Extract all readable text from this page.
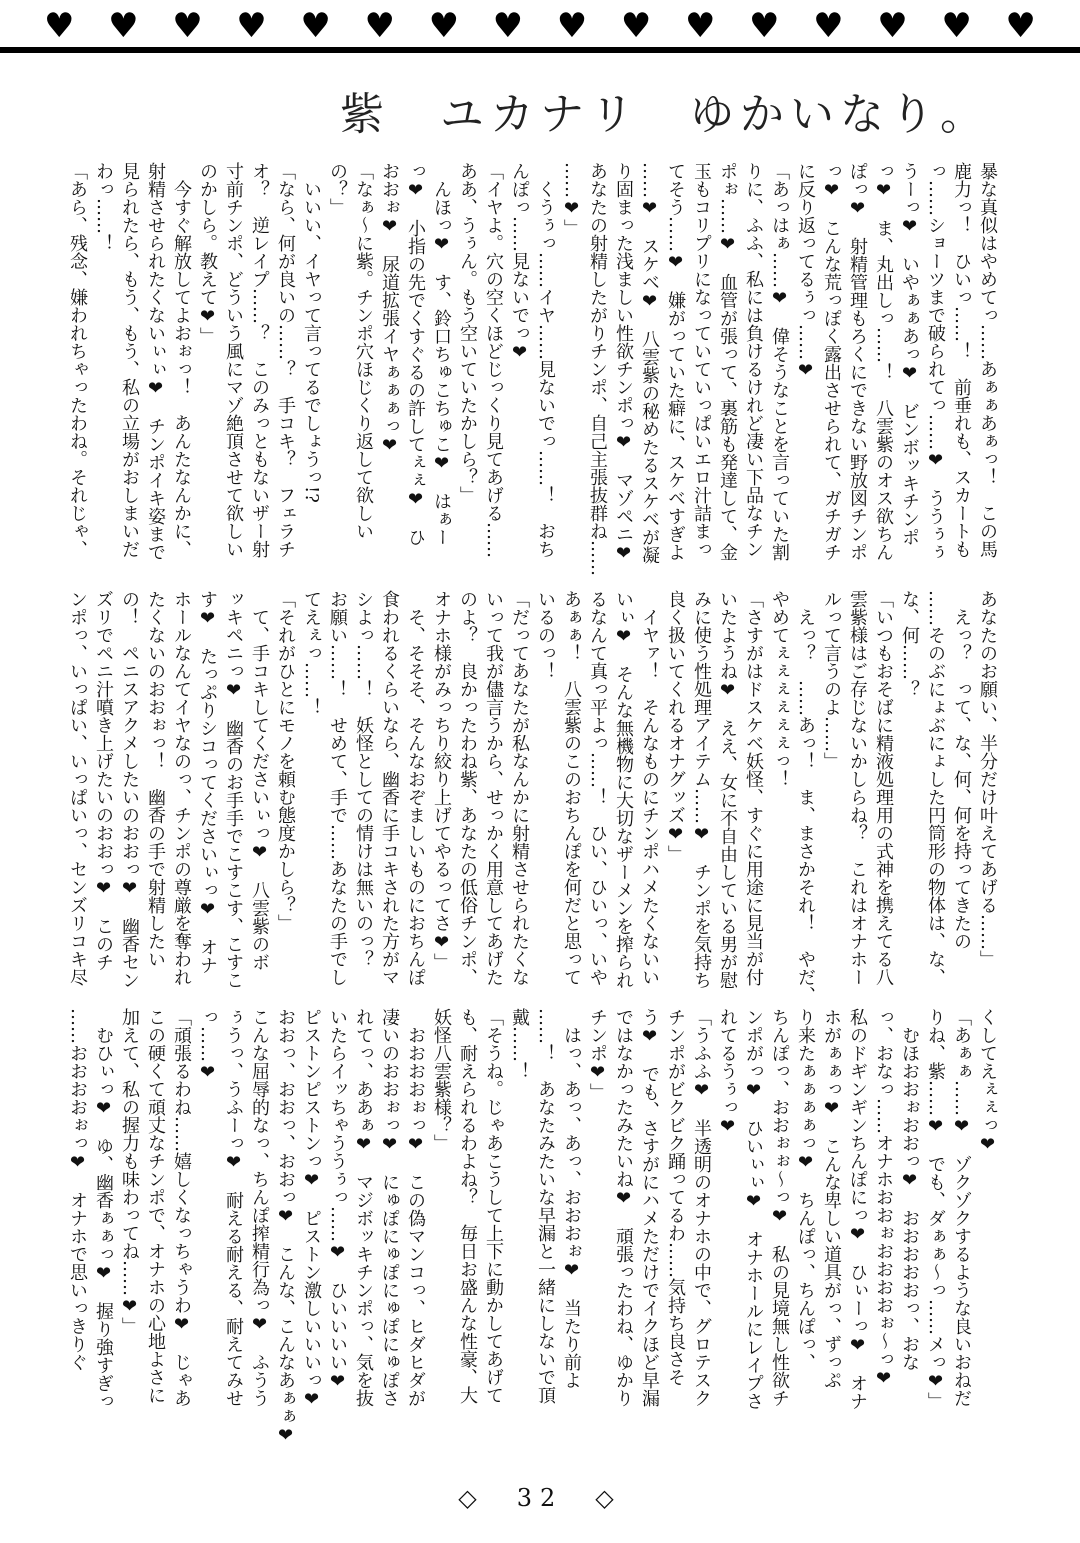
♥ ♥ ♥ ♥ ♥ ♥ ♥ ♥ ♥ ♥ ♥ ♥ ♥ ♥ ♥ ♥
紫　ユカナリ　ゆかいなり。
暴な真似はやめてっ……あぁぁあぁっ！　この馬
鹿力っ！　ひいっ……！　前垂れも、スカートも
っ……ショーツまで破られてっ……❤　ううぅぅ
うーっ❤　いやぁぁあっ❤　ビンボッキチンポ
っ❤　ま、丸出しっ……！　八雲紫のオス欲ちん
ぽっ❤　射精管理もろくにできない野放図チンポ
っ❤　こんな荒っぽく露出させられて、ガチガチ
に反り返ってるぅっ……❤
「あっはぁ……❤　偉そうなことを言っていた割
りに、ふふ、私には負けるけれど凄い下品なチン
ポぉ……❤　血管が張って、裏筋も発達して、金
玉もコリプリになっていていっぱいエロ汁詰まっ
てそう……❤　嫌がっていた癖に、スケベすぎよ
……❤　スケベ❤　八雲紫の秘めたるスケベが凝
り固まった浅ましい性欲チンポっ❤　マゾペニ❤
あなたの射精したがりチンポ、自己主張抜群ね……
……❤」
　くうぅっ……イヤ……見ないでっ……！　おち
んぽっ……見ないでっ❤
「イヤよ。穴の空くほどじっくり見てあげる……
ああ、うぅん。もう空いていたかしら？」
　んほっ❤　す、鈴口ちゅこちゅこ❤　はぁー
っ❤　小指の先でくすぐるの許してぇぇ❤　ひ
おおぉ❤　尿道拡張イヤぁぁぁっ❤
「なぁ～に紫。チンポ穴ほじくり返して欲しい
の？」
　いいい、イヤって言ってるでしょうっ!?
「なら、何が良いの……？　手コキ？　フェラチ
オ？　逆レイプ……？　このみっともないザー射
寸前チンポ、どういう風にマゾ絶頂させて欲しい
のかしら。教えて❤」
　今すぐ解放してよおぉっ！　あんたなんかに、
射精させられたくないぃぃ❤　チンポイキ姿まで
見られたら、もう、もう、私の立場がおしまいだ
わっ……！
「あら、残念、嫌われちゃったわね。それじゃ、
あなたのお願い、半分だけ叶えてあげる……」
　えっ？　って、な、何、何を持ってきたの
……そのぶにょぶにょした円筒形の物体は、な、
な、何……？
「いつもおそばに精液処理用の式神を携えてる八
雲紫様はご存じないかしらね？　これはオナホー
ルって言うのよ……」
　えっ？　……あっ！　ま、まさかそれ！　やだ、
やめてぇぇぇぇぇぇっ！
「さすがはドスケベ妖怪、すぐに用途に見当が付
いたようね❤　ええ、女に不自由している男が慰
みに使う性処理アイテム……❤　チンポを気持ち
良く扱いてくれるオナグッズ❤」
　イヤァ！　そんなものにチンポハメたくないい
いぃ❤　そんな無機物に大切なザーメンを搾られ
るなんて真っ平よっ……！　ひい、ひいっ、いや
あぁぁ！　八雲紫のこのおちんぽを何だと思って
いるのっ！
「だってあなたが私なんかに射精させられたくな
いって我が儘言うから、せっかく用意してあげた
のよ？　良かったわね紫、あなたの低俗チンポ、
オナホ様がみっちり絞り上げてやるってさ❤」
　そ、そそそ、そんなおぞましいものにおちんぽ
食われるくらいなら、幽香に手コキされた方がマ
シよっ……！　妖怪としての情けは無いのっ？
お願い……！　せめて、手で……あなたの手でし
てえぇっ……！
「それがひとにモノを頼む態度かしら？」
　て、手コキしてくださいぃっ❤　八雲紫のボ
ッキペニっ❤　幽香のお手手でこすこす、こすこ
す❤　たっぷりシコってくださいぃっ❤　オナ
ホールなんてイヤなのっ、チンポの尊厳を奪われ
たくないのおおぉっ！　幽香の手で射精したい
の！　ペニスアクメしたいのおおっ❤　幽香セン
ズリでペニ汁噴き上げたいのおおっ❤　このチ
ンポっ、いっぱい、いっぱいっ、センズリコキ尽
くしてえぇぇっ❤
「あぁぁ……❤　ゾクゾクするような良いおねだ
りね、紫……❤　でも、ダぁぁ～っ……メっ❤」
　むほおおぉおおっ❤　おおおおおっ、おな
っ、おなっ……オナホおおぉおおおおぉ～っ❤
私のドギンギンちんぽにっ❤　ひぃーっ❤　オナ
ホがぁぁっ❤　こんな卑しい道具がっ、ずっぷ
り来たぁぁぁぁっ❤　ちんぽっ、ちんぽっ、
ちんぽっ、おおぉぉ～っ❤　私の見境無し性欲チ
ンポがっ❤　ひいぃぃ❤　オナホールにレイプさ
れてるうぅっ❤
「うふふ❤　半透明のオナホの中で、グロテスク
チンポがビクビク踊ってるわ……気持ち良さそ
う❤　でも、さすがにハメただけでイクほど早漏
ではなかったみたいね❤　頑張ったわね、ゆかり
チンポ❤」
　はっ、あっ、あっ、おおおぉ❤　当たり前よ
……！　あなたみたいな早漏と一緒にしないで頂
戴……！
「そうね。じゃあこうして上下に動かしてあげて
も、耐えられるわよね？　毎日お盛んな性豪、大
妖怪八雲紫様？」
　おおおおぉっ❤　この偽マンコっ、ヒダヒダが
凄いのおおぉっ❤　にゅぽにゅぽにゅぽにゅぽさ
れてっ、ああぁ❤　マジボッキチンポっ、気を抜
いたらイッちゃううぅっ……❤　ひいいいい❤
ピストンピストンっ❤　ピストン激しいいいっ❤
おおっ、おおっ、おおっ❤　こんな、こんなあぁぁ❤
こんな屈辱的なっ、ちんぽ搾精行為っ❤　ふうう
ぅうっ、うふーっ❤　耐える耐える、耐えてみせ
っ……❤
「頑張るわね……嬉しくなっちゃうわ❤　じゃあ
この硬くて頑丈なチンポで、オナホの心地よさに
加えて、私の握力も味わってね……❤」
　むひぃっ❤　ゆ、幽香ぁぁっ❤　握り強すぎっ
……おおおおぉっ❤　オナホで思いっきりぐ
◇　32　◇
